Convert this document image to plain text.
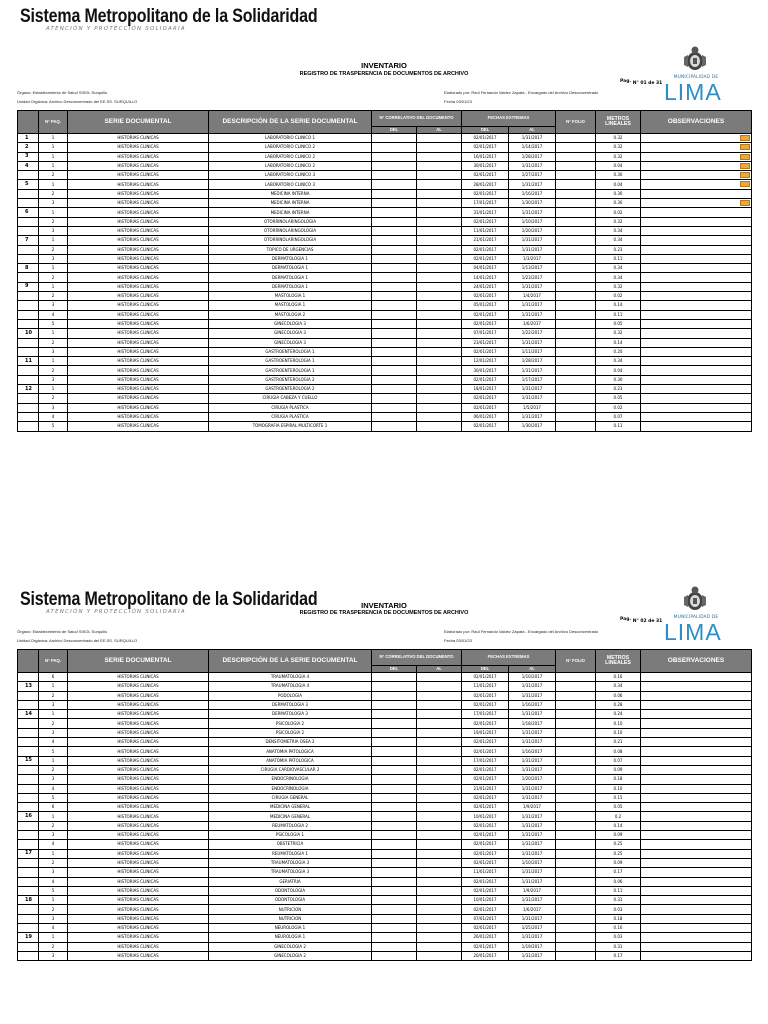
Sistema Metropolitano de la Solidaridad
ATENCIÓN Y PROTECCIÓN SOLIDARIA
INVENTARIO
REGISTRO DE TRASPERENCIA DE DOCUMENTOS DE ARCHIVO
Pag. N° 01 de 31
MUNICIPALIDAD DE
LIMA
Órgano: Establecimiento de Salud SISOL Surquillo
Unidad Orgánica: Archivo Desconcentrado del EE.SS. SURQUILLO
Elaborado por: Raúl Fernando Valdez Zapata - Encargado del Archivo Desconcentrado
Fecha 03/01/23
	N° PAQ.	SERIE DOCUMENTAL	DESCRIPCIÓN DE LA SERIE DOCUMENTAL	N° CORRELATIVO DEL DOCUMENTO		FECHAS EXTREMAS		N° FOLIO	METROS LINEALES	OBSERVACIONES
				DEL	AL	DEL	AL			
1	1	HISTORIAS CLINICAS	LABORATORIO CLINICO 1			02/01/2017	1/31/2017		0.32	

2	1	HISTORIAS CLINICAS	LABORATORIO CLINICO 2			02/01/2017	1/14/2017		0.32	

3	1	HISTORIAS CLINICAS	LABORATORIO CLINICO 2			16/01/2017	1/28/2017		0.32	

4	1	HISTORIAS CLINICAS	LABORATORIO CLINICO 2			30/01/2017	1/31/2017		0.04	

	2	HISTORIAS CLINICAS	LABORATORIO CLINICO 3			02/01/2017	1/27/2017		0.30	

5	1	HISTORIAS CLINICAS	LABORATORIO CLINICO 3			28/01/2017	1/31/2017		0.04	

	2	HISTORIAS CLINICAS	MEDICINA INTERNA			02/01/2017	1/16/2017		0.30	
	3	HISTORIAS CLINICAS	MEDICINA INTERNA			17/01/2017	1/30/2017		0.30	

6	1	HISTORIAS CLINICAS	MEDICINA INTERNA			31/01/2017	1/31/2017		0.02	
	2	HISTORIAS CLINICAS	OTORRINOLARINGOLOGIA			02/01/2017	1/10/2017		0.32	
	3	HISTORIAS CLINICAS	OTORRINOLARINGOLOGIA			11/01/2017	1/20/2017		0.34	
7	1	HISTORIAS CLINICAS	OTORRINOLARINGOLOGIA			21/01/2017	1/31/2017		0.34	
	2	HISTORIAS CLINICAS	TOPICO DE URGENCIAS			02/01/2017	1/31/2017		0.23	
	3	HISTORIAS CLINICAS	DERMATOLOGIA 1			02/01/2017	1/3/2017		0.11	
8	1	HISTORIAS CLINICAS	DERMATOLOGIA 1			04/01/2017	1/13/2017		0.34	
	2	HISTORIAS CLINICAS	DERMATOLOGIA 1			14/01/2017	1/23/2017		0.34	
9	1	HISTORIAS CLINICAS	DERMATOLOGIA 1			24/01/2017	1/31/2017		0.32	
	2	HISTORIAS CLINICAS	MASTOLOGIA 1			02/01/2017	1/4/2017		0.02	
	3	HISTORIAS CLINICAS	MASTOLOGIA 1			05/01/2017	1/31/2017		0.14	
	4	HISTORIAS CLINICAS	MASTOLOGIA 2			02/01/2017	1/31/2017		0.11	
	5	HISTORIAS CLINICAS	GINECOLOGIA 3			02/01/2017	1/6/2017		0.05	
10	1	HISTORIAS CLINICAS	GINECOLOGIA 3			07/01/2017	1/22/2017		0.32	
	2	HISTORIAS CLINICAS	GINECOLOGIA 3			23/01/2017	1/31/2017		0.14	
	3	HISTORIAS CLINICAS	GASTROENTEROLOGIA 1			02/01/2017	1/11/2017		0.20	
11	1	HISTORIAS CLINICAS	GASTROENTEROLOGIA 1			12/01/2017	1/28/2017		0.34	
	2	HISTORIAS CLINICAS	GASTROENTEROLOGIA 1			30/01/2017	1/31/2017		0.04	
	3	HISTORIAS CLINICAS	GASTROENTEROLOGIA 2			02/01/2017	1/17/2017		0.30	
12	1	HISTORIAS CLINICAS	GASTROENTEROLOGIA 2			18/01/2017	1/31/2017		0.23	
	2	HISTORIAS CLINICAS	CIRUGIA CABEZA Y CUELLO			02/01/2017	1/31/2017		0.05	
	3	HISTORIAS CLINICAS	CIRUGIA PLASTICA			02/01/2017	1/5/2017		0.02	
	4	HISTORIAS CLINICAS	CIRUGIA PLASTICA			06/01/2017	1/31/2017		0.07	
	5	HISTORIAS CLINICAS	TOMOGRAFIA ESPIRAL MULTICORTE 1			02/01/2017	1/30/2017		0.11	
Sistema Metropolitano de la Solidaridad
ATENCIÓN Y PROTECCIÓN SOLIDARIA
INVENTARIO
REGISTRO DE TRASPERENCIA DE DOCUMENTOS DE ARCHIVO
Pag. N° 02 de 31
MUNICIPALIDAD DE
LIMA
Órgano: Establecimiento de Salud SISOL Surquillo
Unidad Orgánica: Archivo Desconcentrado del EE.SS. SURQUILLO
Elaborado por: Raúl Fernando Valdez Zapata - Encargado del Archivo Desconcentrado
Fecha 03/01/23
	N° PAQ.	SERIE DOCUMENTAL	DESCRIPCIÓN DE LA SERIE DOCUMENTAL	N° CORRELATIVO DEL DOCUMENTO		FECHAS EXTREMAS		N° FOLIO	METROS LINEALES	OBSERVACIONES
				DEL	AL	DEL	AL			
	6	HISTORIAS CLINICAS	TRAUMATOLOGIA 4			02/01/2017	1/10/2017		0.16	
13	1	HISTORIAS CLINICAS	TRAUMATOLOGIA 4			11/01/2017	1/31/2017		0.34	
	2	HISTORIAS CLINICAS	PODOLOGIA			02/01/2017	1/31/2017		0.06	
	3	HISTORIAS CLINICAS	DERMATOLOGIA 3			02/01/2017	1/16/2017		0.28	
14	1	HISTORIAS CLINICAS	DERMATOLOGIA 3			17/01/2017	1/31/2017		0.24	
	2	HISTORIAS CLINICAS	PSICOLOGIA 2			02/01/2017	1/18/2017		0.10	
	3	HISTORIAS CLINICAS	PSICOLOGIA 2			19/01/2017	1/31/2017		0.10	
	4	HISTORIAS CLINICAS	DENSITOMETRIA OSEA 2			02/01/2017	1/31/2017		0.21	
	5	HISTORIAS CLINICAS	ANATOMIA PATOLOGICA			02/01/2017	1/16/2017		0.08	
15	1	HISTORIAS CLINICAS	ANATOMIA PATOLOGICA			17/01/2017	1/31/2017		0.07	
	2	HISTORIAS CLINICAS	CIRUGIA CARDIOVASCULAR 2			02/01/2017	1/31/2017		0.09	
	3	HISTORIAS CLINICAS	ENDOCRINOLOGIA			02/01/2017	1/20/2017		0.18	
	4	HISTORIAS CLINICAS	ENDOCRINOLOGIA			21/01/2017	1/31/2017		0.10	
	5	HISTORIAS CLINICAS	CIRUGIA GENERAL			02/01/2017	1/31/2017		0.15	
	6	HISTORIAS CLINICAS	MEDICINA GENERAL			02/01/2017	1/9/2017		0.05	
16	1	HISTORIAS CLINICAS	MEDICINA GENERAL			10/01/2017	1/31/2017		0.2	
	2	HISTORIAS CLINICAS	REUMATOLOGIA 2			02/01/2017	1/31/2017		0.14	
	3	HISTORIAS CLINICAS	PSICOLOGIA 1			02/01/2017	1/31/2017		0.09	
	4	HISTORIAS CLINICAS	OBSTETRICIA			02/01/2017	1/31/2017		0.25	
17	1	HISTORIAS CLINICAS	REUMATOLOGIA 1			02/01/2017	1/31/2017		0.25	
	2	HISTORIAS CLINICAS	TRAUMATOLOGIA 3			02/01/2017	1/10/2017		0.09	
	3	HISTORIAS CLINICAS	TRAUMATOLOGIA 3			11/01/2017	1/31/2017		0.17	
	4	HISTORIAS CLINICAS	GERIATRIA			02/01/2017	1/31/2017		0.06	
	5	HISTORIAS CLINICAS	ODONTOLOGIA			02/01/2017	1/9/2017		0.11	
18	1	HISTORIAS CLINICAS	ODONTOLOGIA			10/01/2017	1/31/2017		0.31	
	2	HISTORIAS CLINICAS	NUTRICION			02/01/2017	1/6/2017		0.03	
	3	HISTORIAS CLINICAS	NUTRICION			07/01/2017	1/31/2017		0.18	
	4	HISTORIAS CLINICAS	NEUROLOGIA 1			02/01/2017	1/25/2017		0.16	
19	1	HISTORIAS CLINICAS	NEUROLOGIA 1			26/01/2017	1/31/2017		0.03	
	2	HISTORIAS CLINICAS	GINECOLOGIA 2			02/01/2017	1/19/2017		0.31	
	3	HISTORIAS CLINICAS	GINECOLOGIA 2			20/01/2017	1/31/2017		0.17	
